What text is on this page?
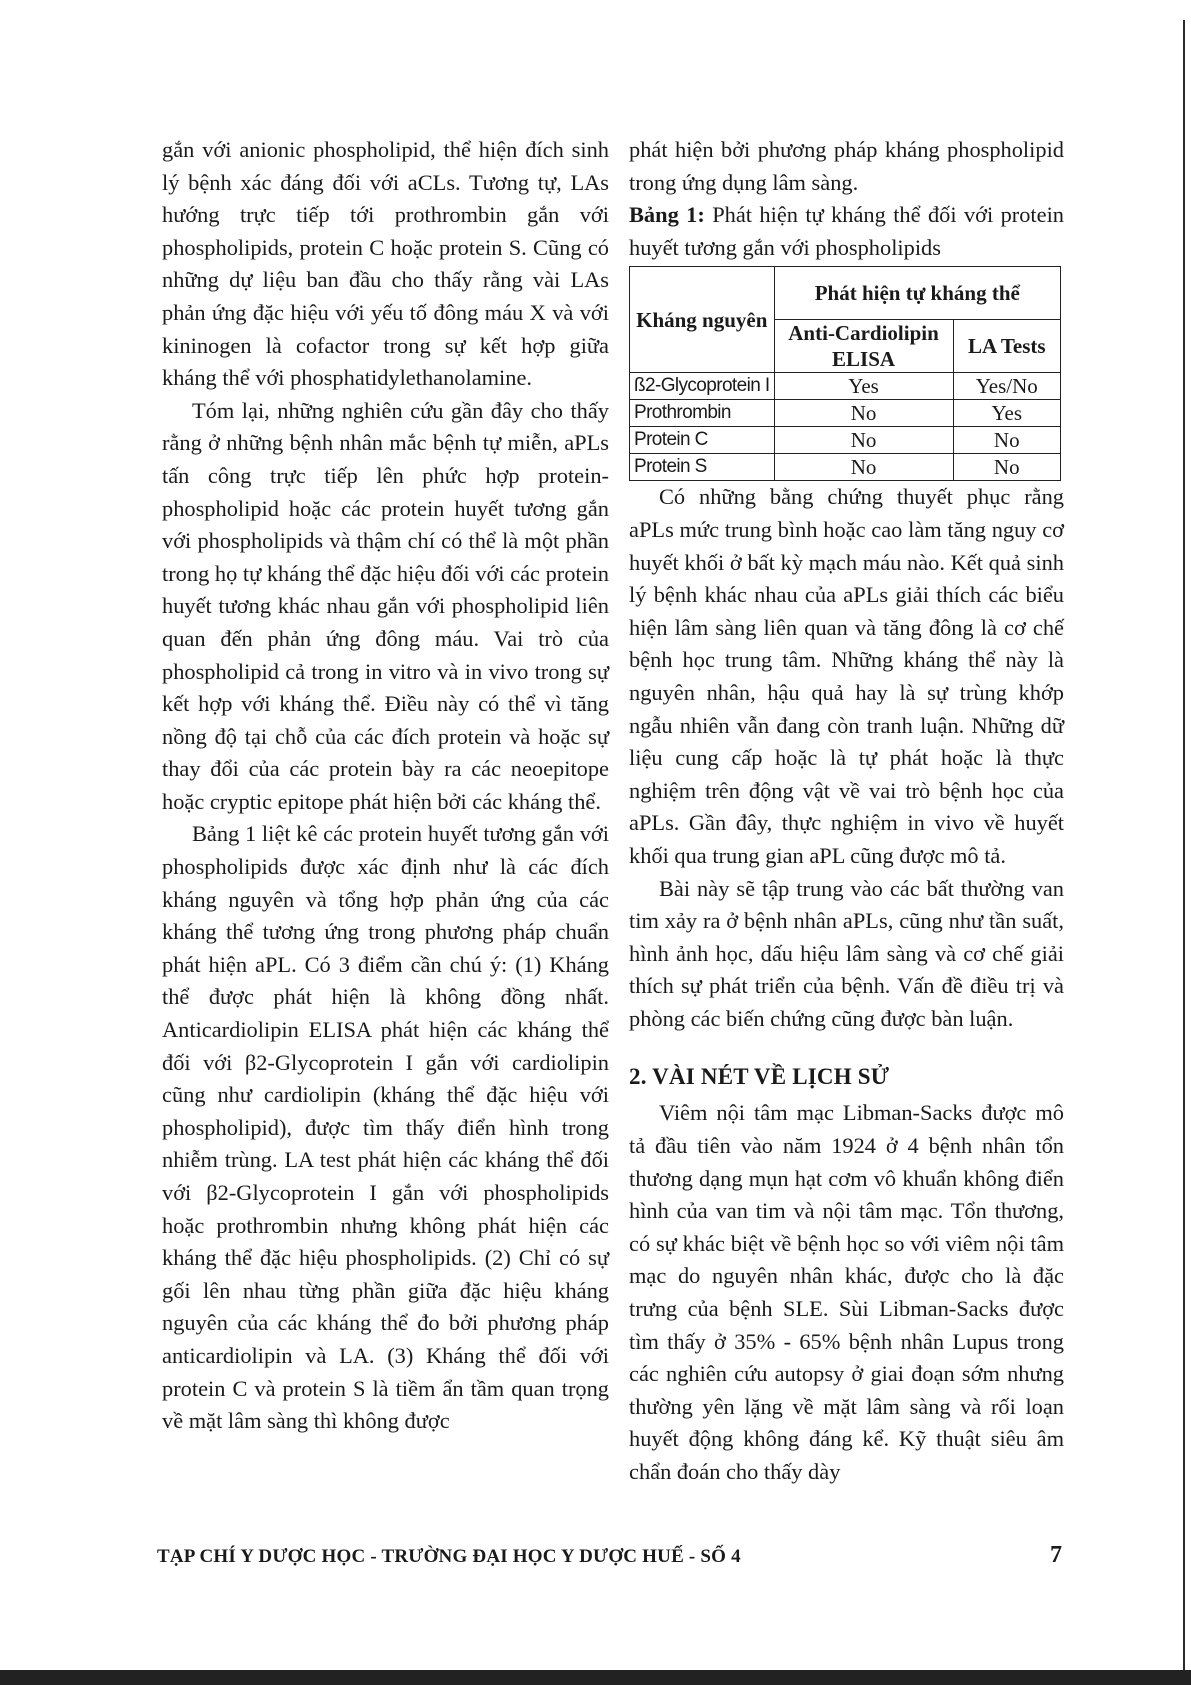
gắn với anionic phospholipid, thể hiện đích sinh lý bệnh xác đáng đối với aCLs. Tương tự, LAs hướng trực tiếp tới prothrombin gắn với phospholipids, protein C hoặc protein S. Cũng có những dự liệu ban đầu cho thấy rằng vài LAs phản ứng đặc hiệu với yếu tố đông máu X và với kininogen là cofactor trong sự kết hợp giữa kháng thể với phosphatidylethanolamine.

Tóm lại, những nghiên cứu gần đây cho thấy rằng ở những bệnh nhân mắc bệnh tự miễn, aPLs tấn công trực tiếp lên phức hợp protein-phospholipid hoặc các protein huyết tương gắn với phospholipids và thậm chí có thể là một phần trong họ tự kháng thể đặc hiệu đối với các protein huyết tương khác nhau gắn với phospholipid liên quan đến phản ứng đông máu. Vai trò của phospholipid cả trong in vitro và in vivo trong sự kết hợp với kháng thể. Điều này có thể vì tăng nồng độ tại chỗ của các đích protein và hoặc sự thay đổi của các protein bày ra các neoepitope hoặc cryptic epitope phát hiện bởi các kháng thể.

Bảng 1 liệt kê các protein huyết tương gắn với phospholipids được xác định như là các đích kháng nguyên và tổng hợp phản ứng của các kháng thể tương ứng trong phương pháp chuẩn phát hiện aPL. Có 3 điểm cần chú ý: (1) Kháng thể được phát hiện là không đồng nhất. Anticardiolipin ELISA phát hiện các kháng thể đối với β2-Glycoprotein I gắn với cardiolipin cũng như cardiolipin (kháng thể đặc hiệu với phospholipid), được tìm thấy điển hình trong nhiễm trùng. LA test phát hiện các kháng thể đối với β2-Glycoprotein I gắn với phospholipids hoặc prothrombin nhưng không phát hiện các kháng thể đặc hiệu phospholipids. (2) Chỉ có sự gối lên nhau từng phần giữa đặc hiệu kháng nguyên của các kháng thể đo bởi phương pháp anticardiolipin và LA. (3) Kháng thể đối với protein C và protein S là tiềm ẩn tầm quan trọng về mặt lâm sàng thì không được

phát hiện bởi phương pháp kháng phospholipid trong ứng dụng lâm sàng.

Bảng 1: Phát hiện tự kháng thể đối với protein huyết tương gắn với phospholipids

Kháng nguyên	Phát hiện tự kháng thể	
	Anti-Cardiolipin ELISA	LA Tests
ß2-Glycoprotein I	Yes	Yes/No
Prothrombin	No	Yes
Protein C	No	No
Protein S	No	No

Có những bằng chứng thuyết phục rằng aPLs mức trung bình hoặc cao làm tăng nguy cơ huyết khối ở bất kỳ mạch máu nào. Kết quả sinh lý bệnh khác nhau của aPLs giải thích các biểu hiện lâm sàng liên quan và tăng đông là cơ chế bệnh học trung tâm. Những kháng thể này là nguyên nhân, hậu quả hay là sự trùng khớp ngẫu nhiên vẫn đang còn tranh luận. Những dữ liệu cung cấp hoặc là tự phát hoặc là thực nghiệm trên động vật về vai trò bệnh học của aPLs. Gần đây, thực nghiệm in vivo về huyết khối qua trung gian aPL cũng được mô tả.

Bài này sẽ tập trung vào các bất thường van tim xảy ra ở bệnh nhân aPLs, cũng như tần suất, hình ảnh học, dấu hiệu lâm sàng và cơ chế giải thích sự phát triển của bệnh. Vấn đề điều trị và phòng các biến chứng cũng được bàn luận.

2. VÀI NÉT VỀ LỊCH SỬ

Viêm nội tâm mạc Libman-Sacks được mô tả đầu tiên vào năm 1924 ở 4 bệnh nhân tổn thương dạng mụn hạt cơm vô khuẩn không điển hình của van tim và nội tâm mạc. Tổn thương, có sự khác biệt về bệnh học so với viêm nội tâm mạc do nguyên nhân khác, được cho là đặc trưng của bệnh SLE. Sùi Libman-Sacks được tìm thấy ở 35% - 65% bệnh nhân Lupus trong các nghiên cứu autopsy ở giai đoạn sớm nhưng thường yên lặng về mặt lâm sàng và rối loạn huyết động không đáng kể. Kỹ thuật siêu âm chẩn đoán cho thấy dày

TẠP CHÍ Y DƯỢC HỌC - TRƯỜNG ĐẠI HỌC Y DƯỢC HUẾ - SỐ 4	7
